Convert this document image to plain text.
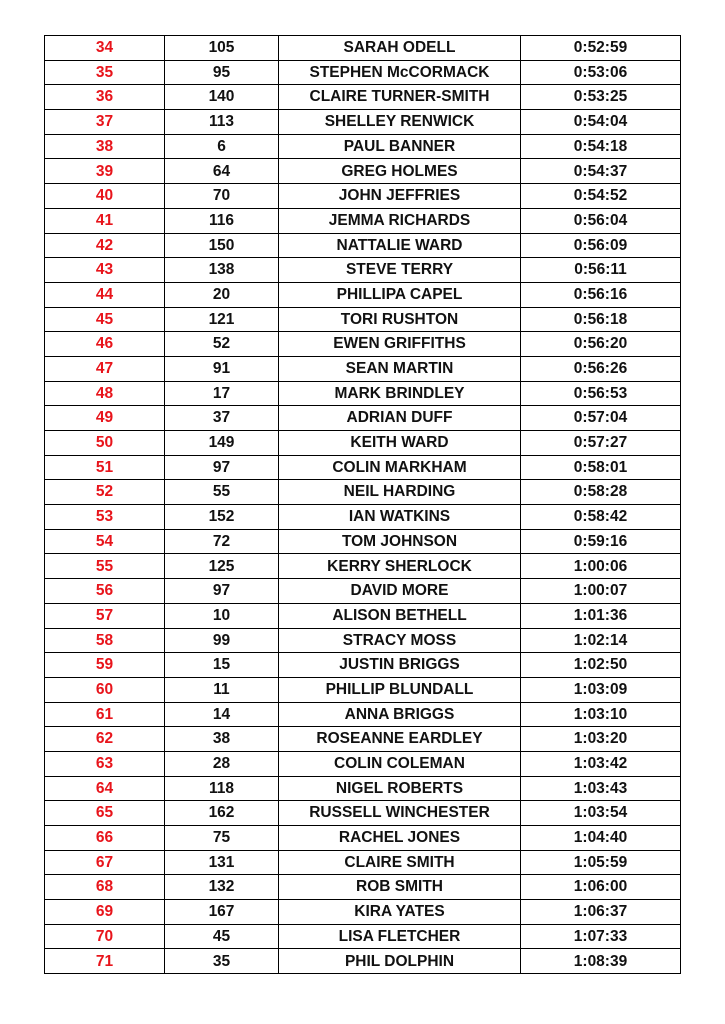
34	105	SARAH ODELL	0:52:59
35	95	STEPHEN McCORMACK	0:53:06
36	140	CLAIRE TURNER-SMITH	0:53:25
37	113	SHELLEY RENWICK	0:54:04
38	6	PAUL BANNER	0:54:18
39	64	GREG HOLMES	0:54:37
40	70	JOHN JEFFRIES	0:54:52
41	116	JEMMA RICHARDS	0:56:04
42	150	NATTALIE WARD	0:56:09
43	138	STEVE TERRY	0:56:11
44	20	PHILLIPA CAPEL	0:56:16
45	121	TORI RUSHTON	0:56:18
46	52	EWEN GRIFFITHS	0:56:20
47	91	SEAN MARTIN	0:56:26
48	17	MARK BRINDLEY	0:56:53
49	37	ADRIAN DUFF	0:57:04
50	149	KEITH WARD	0:57:27
51	97	COLIN MARKHAM	0:58:01
52	55	NEIL HARDING	0:58:28
53	152	IAN WATKINS	0:58:42
54	72	TOM JOHNSON	0:59:16
55	125	KERRY SHERLOCK	1:00:06
56	97	DAVID MORE	1:00:07
57	10	ALISON BETHELL	1:01:36
58	99	STRACY MOSS	1:02:14
59	15	JUSTIN BRIGGS	1:02:50
60	11	PHILLIP BLUNDALL	1:03:09
61	14	ANNA BRIGGS	1:03:10
62	38	ROSEANNE EARDLEY	1:03:20
63	28	COLIN COLEMAN	1:03:42
64	118	NIGEL ROBERTS	1:03:43
65	162	RUSSELL WINCHESTER	1:03:54
66	75	RACHEL JONES	1:04:40
67	131	CLAIRE SMITH	1:05:59
68	132	ROB SMITH	1:06:00
69	167	KIRA YATES	1:06:37
70	45	LISA FLETCHER	1:07:33
71	35	PHIL DOLPHIN	1:08:39
